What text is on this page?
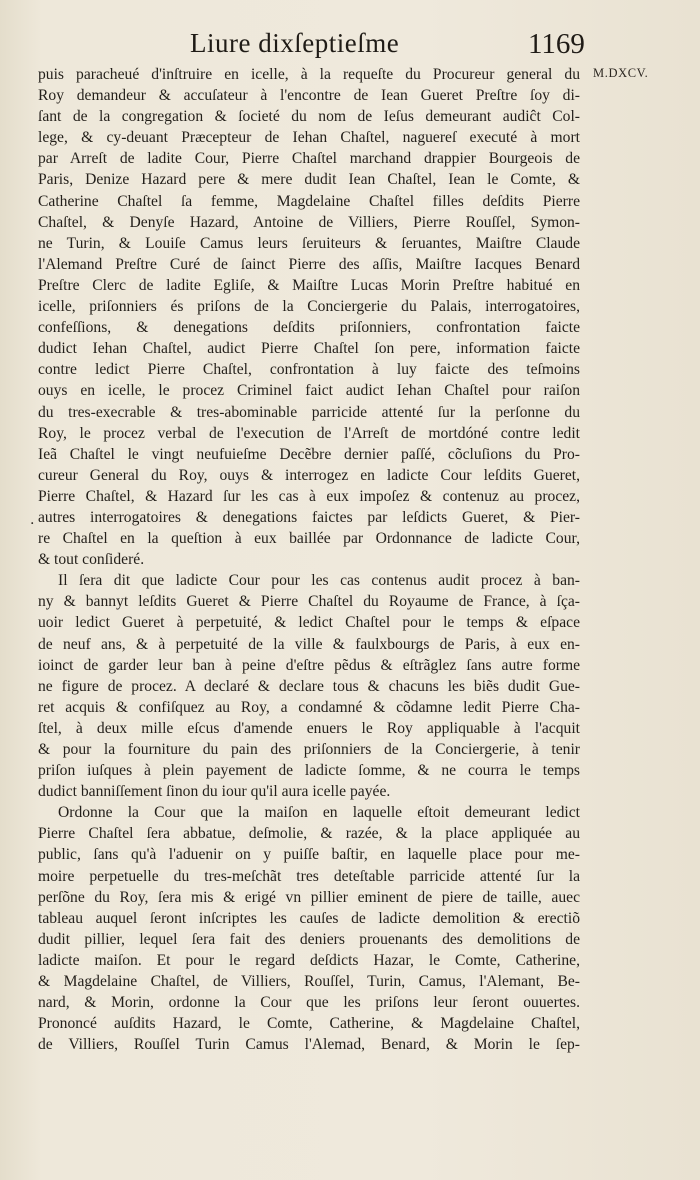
Liure dixſeptieſme	1169
M.DXCV.
.
puis paracheué d'inſtruire en icelle, à la requeſte du Procureur general du
Roy demandeur & accuſateur à l'encontre de Iean Gueret Preſtre ſoy di-
ſant de la congregation & ſocieté du nom de Ieſus demeurant audiĉt Col-
lege, & cy-deuant Præcepteur de Iehan Chaſtel, naguereſ executé à mort
par Arreſt de ladite Cour, Pierre Chaſtel marchand drappier Bourgeois de
Paris, Denize Hazard pere & mere dudit Iean Chaſtel, Iean le Comte, &
Catherine Chaſtel ſa femme, Magdelaine Chaſtel filles deſdits Pierre
Chaſtel, & Denyſe Hazard, Antoine de Villiers, Pierre Rouſſel, Symon-
ne Turin, & Louiſe Camus leurs ſeruiteurs & ſeruantes, Maiſtre Claude
l'Alemand Preſtre Curé de ſainct Pierre des aſſis, Maiſtre Iacques Benard
Preſtre Clerc de ladite Egliſe, & Maiſtre Lucas Morin Preſtre habitué en
icelle, priſonniers és priſons de la Conciergerie du Palais, interrogatoires,
confeſſions, & denegations deſdits priſonniers, confrontation faicte
dudict Iehan Chaſtel, audict Pierre Chaſtel ſon pere, information faicte
contre ledict Pierre Chaſtel, confrontation à luy faicte des teſmoins
ouys en icelle, le procez Criminel faict audict Iehan Chaſtel pour raiſon
du tres-execrable & tres-abominable parricide attenté ſur la perſonne du
Roy, le procez verbal de l'execution de l'Arreſt de mortdóné contre ledit
Ieã Chaſtel le vingt neufuieſme Decẽbre dernier paſſé, cõcluſions du Pro-
cureur General du Roy, ouys & interrogez en ladicte Cour leſdits Gueret,
Pierre Chaſtel, & Hazard ſur les cas à eux impoſez & contenuz au procez,
autres interrogatoires & denegations faictes par leſdicts Gueret, & Pier-
re Chaſtel en la queſtion à eux baillée par Ordonnance de ladicte Cour,
& tout conſideré.
Il ſera dit que ladicte Cour pour les cas contenus audit procez à ban-
ny & bannyt leſdits Gueret & Pierre Chaſtel du Royaume de France, à ſça-
uoir ledict Gueret à perpetuité, & ledict Chaſtel pour le temps & eſpace
de neuf ans, & à perpetuité de la ville & faulxbourgs de Paris, à eux en-
ioinct de garder leur ban à peine d'eſtre pẽdus & eſtrãglez ſans autre forme
ne figure de procez. A declaré & declare tous & chacuns les biẽs dudit Gue-
ret acquis & confiſquez au Roy, a condamné & cõdamne ledit Pierre Cha-
ſtel, à deux mille eſcus d'amende enuers le Roy appliquable à l'acquit
& pour la fourniture du pain des priſonniers de la Conciergerie, à tenir
priſon iuſques à plein payement de ladicte ſomme, & ne courra le temps
dudict banniſſement ſinon du iour qu'il aura icelle payée.
Ordonne la Cour que la maiſon en laquelle eſtoit demeurant ledict
Pierre Chaſtel ſera abbatue, deſmolie, & razée, & la place appliquée au
public, ſans qu'à l'aduenir on y puiſſe baſtir, en laquelle place pour me-
moire perpetuelle du tres-meſchãt tres deteſtable parricide attenté ſur la
perſõne du Roy, ſera mis & erigé vn pillier eminent de piere de taille, auec
tableau auquel ſeront inſcriptes les cauſes de ladicte demolition & erectiõ
dudit pillier, lequel ſera fait des deniers prouenants des demolitions de
ladicte maiſon. Et pour le regard deſdicts Hazar, le Comte, Catherine,
& Magdelaine Chaſtel, de Villiers, Rouſſel, Turin, Camus, l'Alemant, Be-
nard, & Morin, ordonne la Cour que les priſons leur ſeront ouuertes.
Prononcé auſdits Hazard, le Comte, Catherine, & Magdelaine Chaſtel,
de Villiers, Rouſſel Turin Camus l'Alemad, Benard, & Morin le ſep-
